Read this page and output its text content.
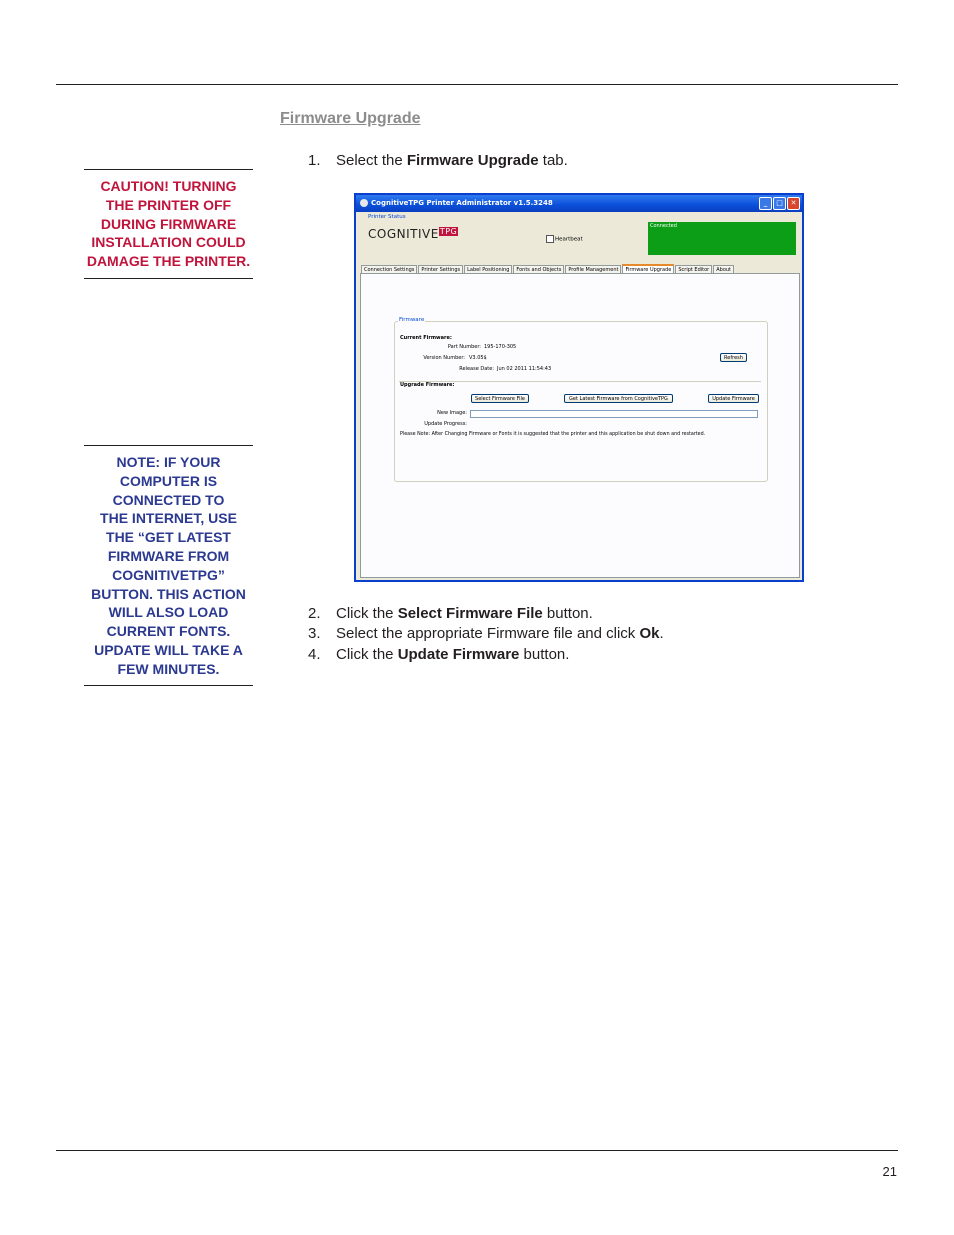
Firmware Upgrade
CAUTION! TURNING
THE PRINTER OFF
DURING FIRMWARE
INSTALLATION COULD
DAMAGE THE PRINTER.
NOTE: IF YOUR
COMPUTER IS
CONNECTED TO
THE INTERNET, USE
THE “GET LATEST
FIRMWARE FROM
COGNITIVETPG”
BUTTON. THIS ACTION
WILL ALSO LOAD
CURRENT FONTS.
UPDATE WILL TAKE A
FEW MINUTES.
1. Select the Firmware Upgrade tab.
CognitiveTPG Printer Administrator v1.5.3248	_ □ ✕
Printer Status
$COGNITIVE^{TPG}$
Heartbeat
Connected
Connection Settings Printer Settings Label Positioning Fonts and Objects Profile Management Firmware Upgrade Script Editor About
Firmware
Current Firmware:
Part Number: 195-170-305
Version Number: V3.05$
Release Date: Jun 02 2011 11:54:43
Refresh
Upgrade Firmware:
Select Firmware File	Get Latest Firmware from CognitiveTPG	Update Firmware
New Image:
Update Progress:
Please Note: After Changing Firmware or Fonts it is suggested that the printer and this application be shut down and restarted.
2. Click the Select Firmware File button.
3. Select the appropriate Firmware file and click Ok.
4. Click the Update Firmware button.
21
